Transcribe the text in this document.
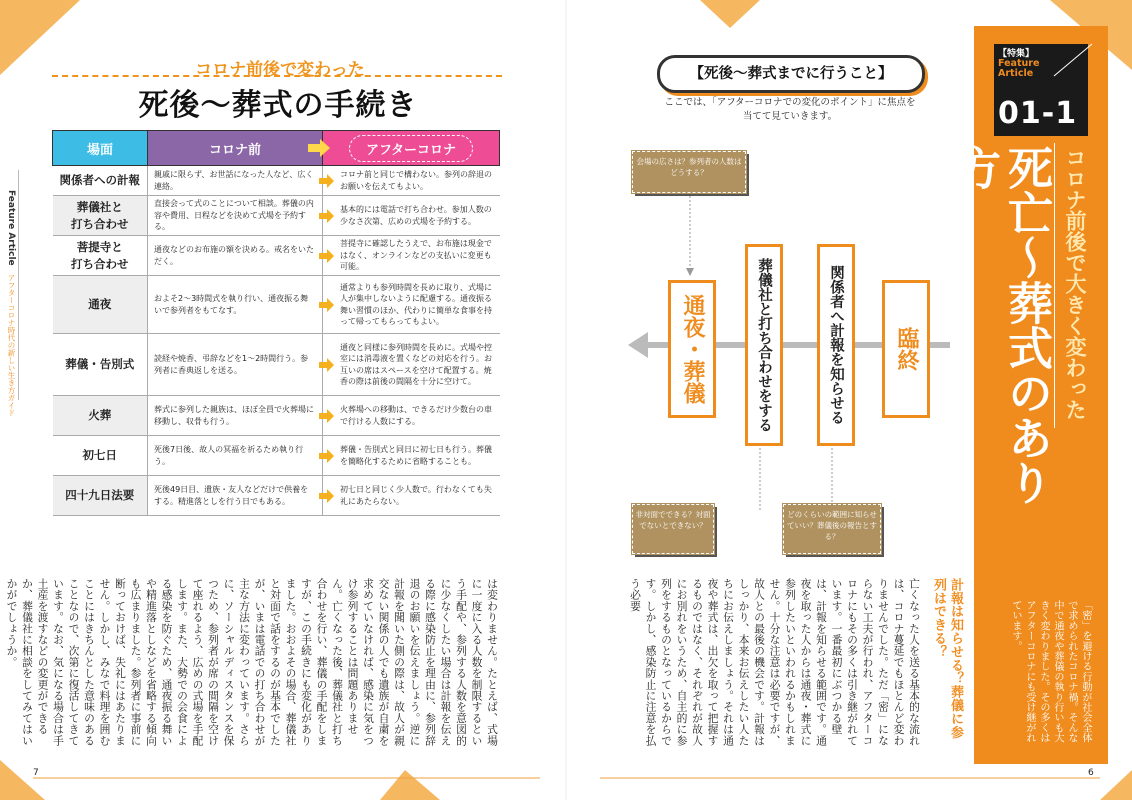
Feature Article
アフターコロナ時代の新しい生き方ガイド
コロナ前後で変わった
死後〜葬式の手続き
場面	コロナ前	アフターコロナ
関係者への計報	親戚に限らず、お世話になった人など、広く連絡。	コロナ前と同じで構わない。参列の辞退のお願いを伝えてもよい。
葬儀社と
打ち合わせ	直接会って式のことについて相談。葬儀の内容や費用、日程などを決めて式場を予約する。	基本的には電話で打ち合わせ。参加人数の少なさ次第、広めの式場を予約する。
菩提寺と
打ち合わせ	通夜などのお布施の額を決める。戒名をいただく。	菩提寺に確認したうえで、お布施は現金ではなく、オンラインなどの支払いに変更も可能。
通夜	およそ2〜3時間式を執り行い、通夜振る舞いで参列者をもてなす。	通常よりも参列時間を長めに取り、式場に人が集中しないように配慮する。通夜振る舞い習慣のほか、代わりに簡単な食事を持って帰ってもらってもよい。
葬儀・告別式	読経や焼香、弔辞などを1〜2時間行う。参列者に香典返しを送る。	通夜と同様に参列時間を長めに。式場や控室には消毒液を置くなどの対応を行う。お互いの席はスペースを空けて配置する。焼香の際は前後の間隔を十分に空けて。
火葬	葬式に参列した親族は、ほぼ全員で火葬場に移動し、収骨も行う。	火葬場への移動は、できるだけ少数台の車で行ける人数にする。
初七日	死後7日後、故人の冥福を祈るため執り行う。	葬儀・告別式と同日に初七日も行う。葬儀を簡略化するために省略することも。
四十九日法要	死後49日目、遺族・友人などだけで供養をする。精進落としを行う日でもある。	初七日と同じく少人数で。行わなくても失礼にあたらない。
は変わりません。たとえば、式場に一度に入る人数を制限するという手配や、参列する人数を意図的に少なくしたい場合は計報を伝える際に感染防止を理由に、参列辞退のお願いを伝えましょう。逆に計報を聞いた側の際は、故人が親交ない関係の人でも遺族が自粛を求めていなければ、感染に気をつけ参列することは問題ありません。亡くなった後、葬儀社と打ち合わせを行い、葬儀の手配をしますが、この手続きにも変化がありました。おおよその場合、葬儀社と対面で話をするのが基本でしたが、いまは電話での打ち合わせが主な方法に変わっています。さらに、ソーシャルディスタンスを保つため、参列者が席の間隔を空けて座れるよう、広めの式場を手配します。また、大勢での会食による感染を防ぐため、通夜振る舞いや精進落としなどを省略する傾向も広まりました。参列者に事前に断っておけば、失礼にはあたりません。しかし、みなで料理を囲むことにはきちんとした意味のあることなので、次第に復活してきています。なお、気になる場合は手土産を渡すなどの変更ができるか、葬儀社に相談をしてみてはいかがでしょうか。
7
【死後〜葬式までに行うこと】
ここでは、「アフターコロナでの変化のポイント」に焦点を当てて見ていきます。
会場の広さは？参列者の人数はどうする？
非対面でできる？対面でないとできない？
どのくらいの範囲に知らせていい？葬儀後の報告とする？
通夜・葬儀	葬儀社と打ち合わせをする	関係者へ計報を知らせる	臨終
計報は知らせる？葬儀に参列はできる？
亡くなった人を送る基本的な流れは、コロナ蔓延でもほとんど変わりませんでした。ただ「密」にならない工夫が行われ、アフターコロナにもその多くは引き継がれています。一番最初にぶつかる壁は、計報を知らせる範囲です。通夜を取った人からは通夜・葬式に参列したいといわれるかもしれません。十分な注意は必要ですが、故人との最後の機会です。計報はしっかり、本来お伝えしたい人たちにお伝えしましょう。それは通夜や葬式は、出欠を取って把握するものではなく、それぞれが故人にお別れをいうため、自主的に参列をするものとなっているからです。しかし、感染防止に注意を払う必要
6
【特集】
Feature Article
01-1
死亡〜葬式のあり方	コロナ前後で大きく変わった
「密」を避ける行動が社会全体で求められたコロナ禍。そんな中で通夜や葬儀の執り行いも大きく変わりました。その多くはアフターコロナにも受け継がれています。
